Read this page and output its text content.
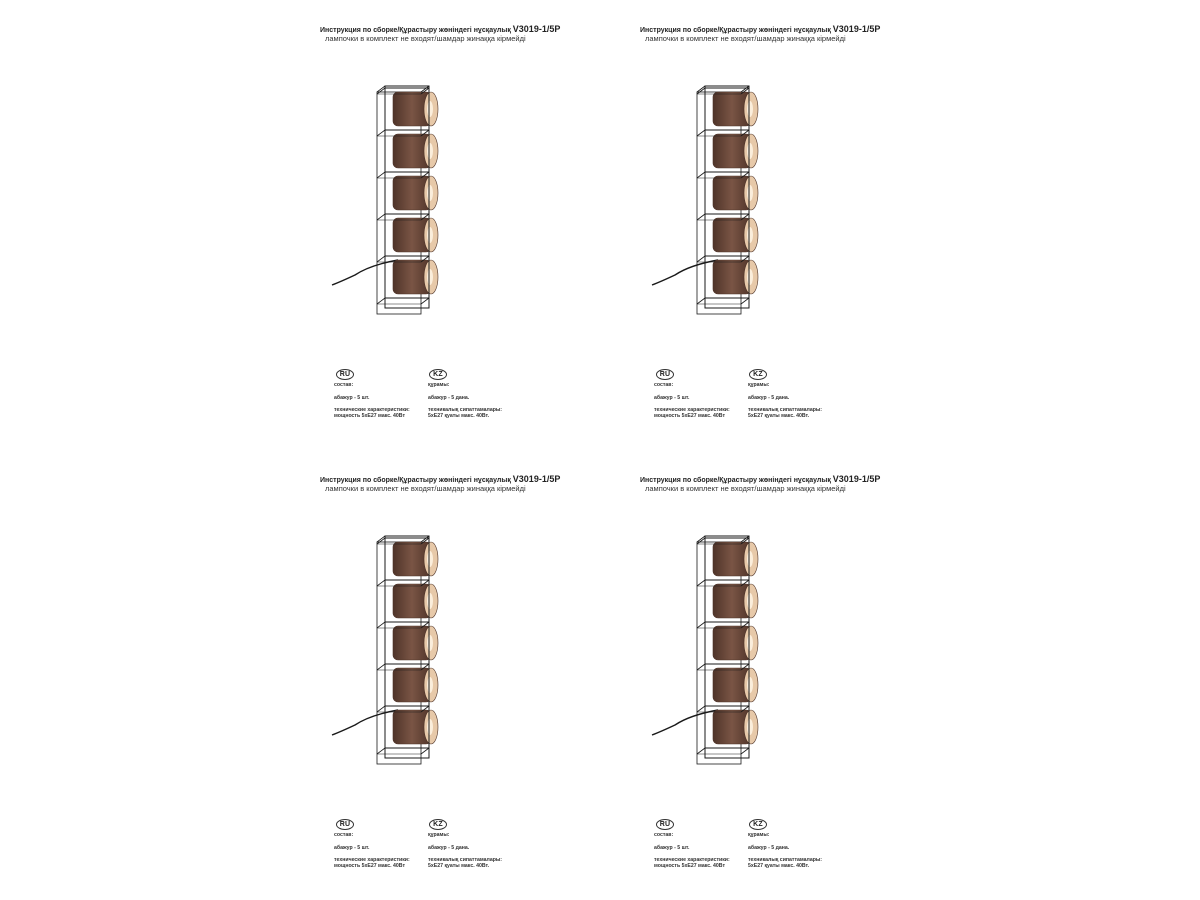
Инструкция по сборке/Құрастыру жөніндегі нұсқаулық V3019-1/5P
лампочки в комплект не входят/шамдар жинаққа кірмейді
RU	KZ
состав:
абажур - 5 шт.
технические характеристики:
мощность 5xE27 макс. 40Вт
құрамы:
абажур - 5 дана.
техникалық сипаттамалары:
5xE27 қуаты макс. 40Вт.
Инструкция по сборке/Құрастыру жөніндегі нұсқаулық V3019-1/5P
лампочки в комплект не входят/шамдар жинаққа кірмейді
RU	KZ
состав:
абажур - 5 шт.
технические характеристики:
мощность 5xE27 макс. 40Вт
құрамы:
абажур - 5 дана.
техникалық сипаттамалары:
5xE27 қуаты макс. 40Вт.
Инструкция по сборке/Құрастыру жөніндегі нұсқаулық V3019-1/5P
лампочки в комплект не входят/шамдар жинаққа кірмейді
RU	KZ
состав:
абажур - 5 шт.
технические характеристики:
мощность 5xE27 макс. 40Вт
құрамы:
абажур - 5 дана.
техникалық сипаттамалары:
5xE27 қуаты макс. 40Вт.
Инструкция по сборке/Құрастыру жөніндегі нұсқаулық V3019-1/5P
лампочки в комплект не входят/шамдар жинаққа кірмейді
RU	KZ
состав:
абажур - 5 шт.
технические характеристики:
мощность 5xE27 макс. 40Вт
құрамы:
абажур - 5 дана.
техникалық сипаттамалары:
5xE27 қуаты макс. 40Вт.
